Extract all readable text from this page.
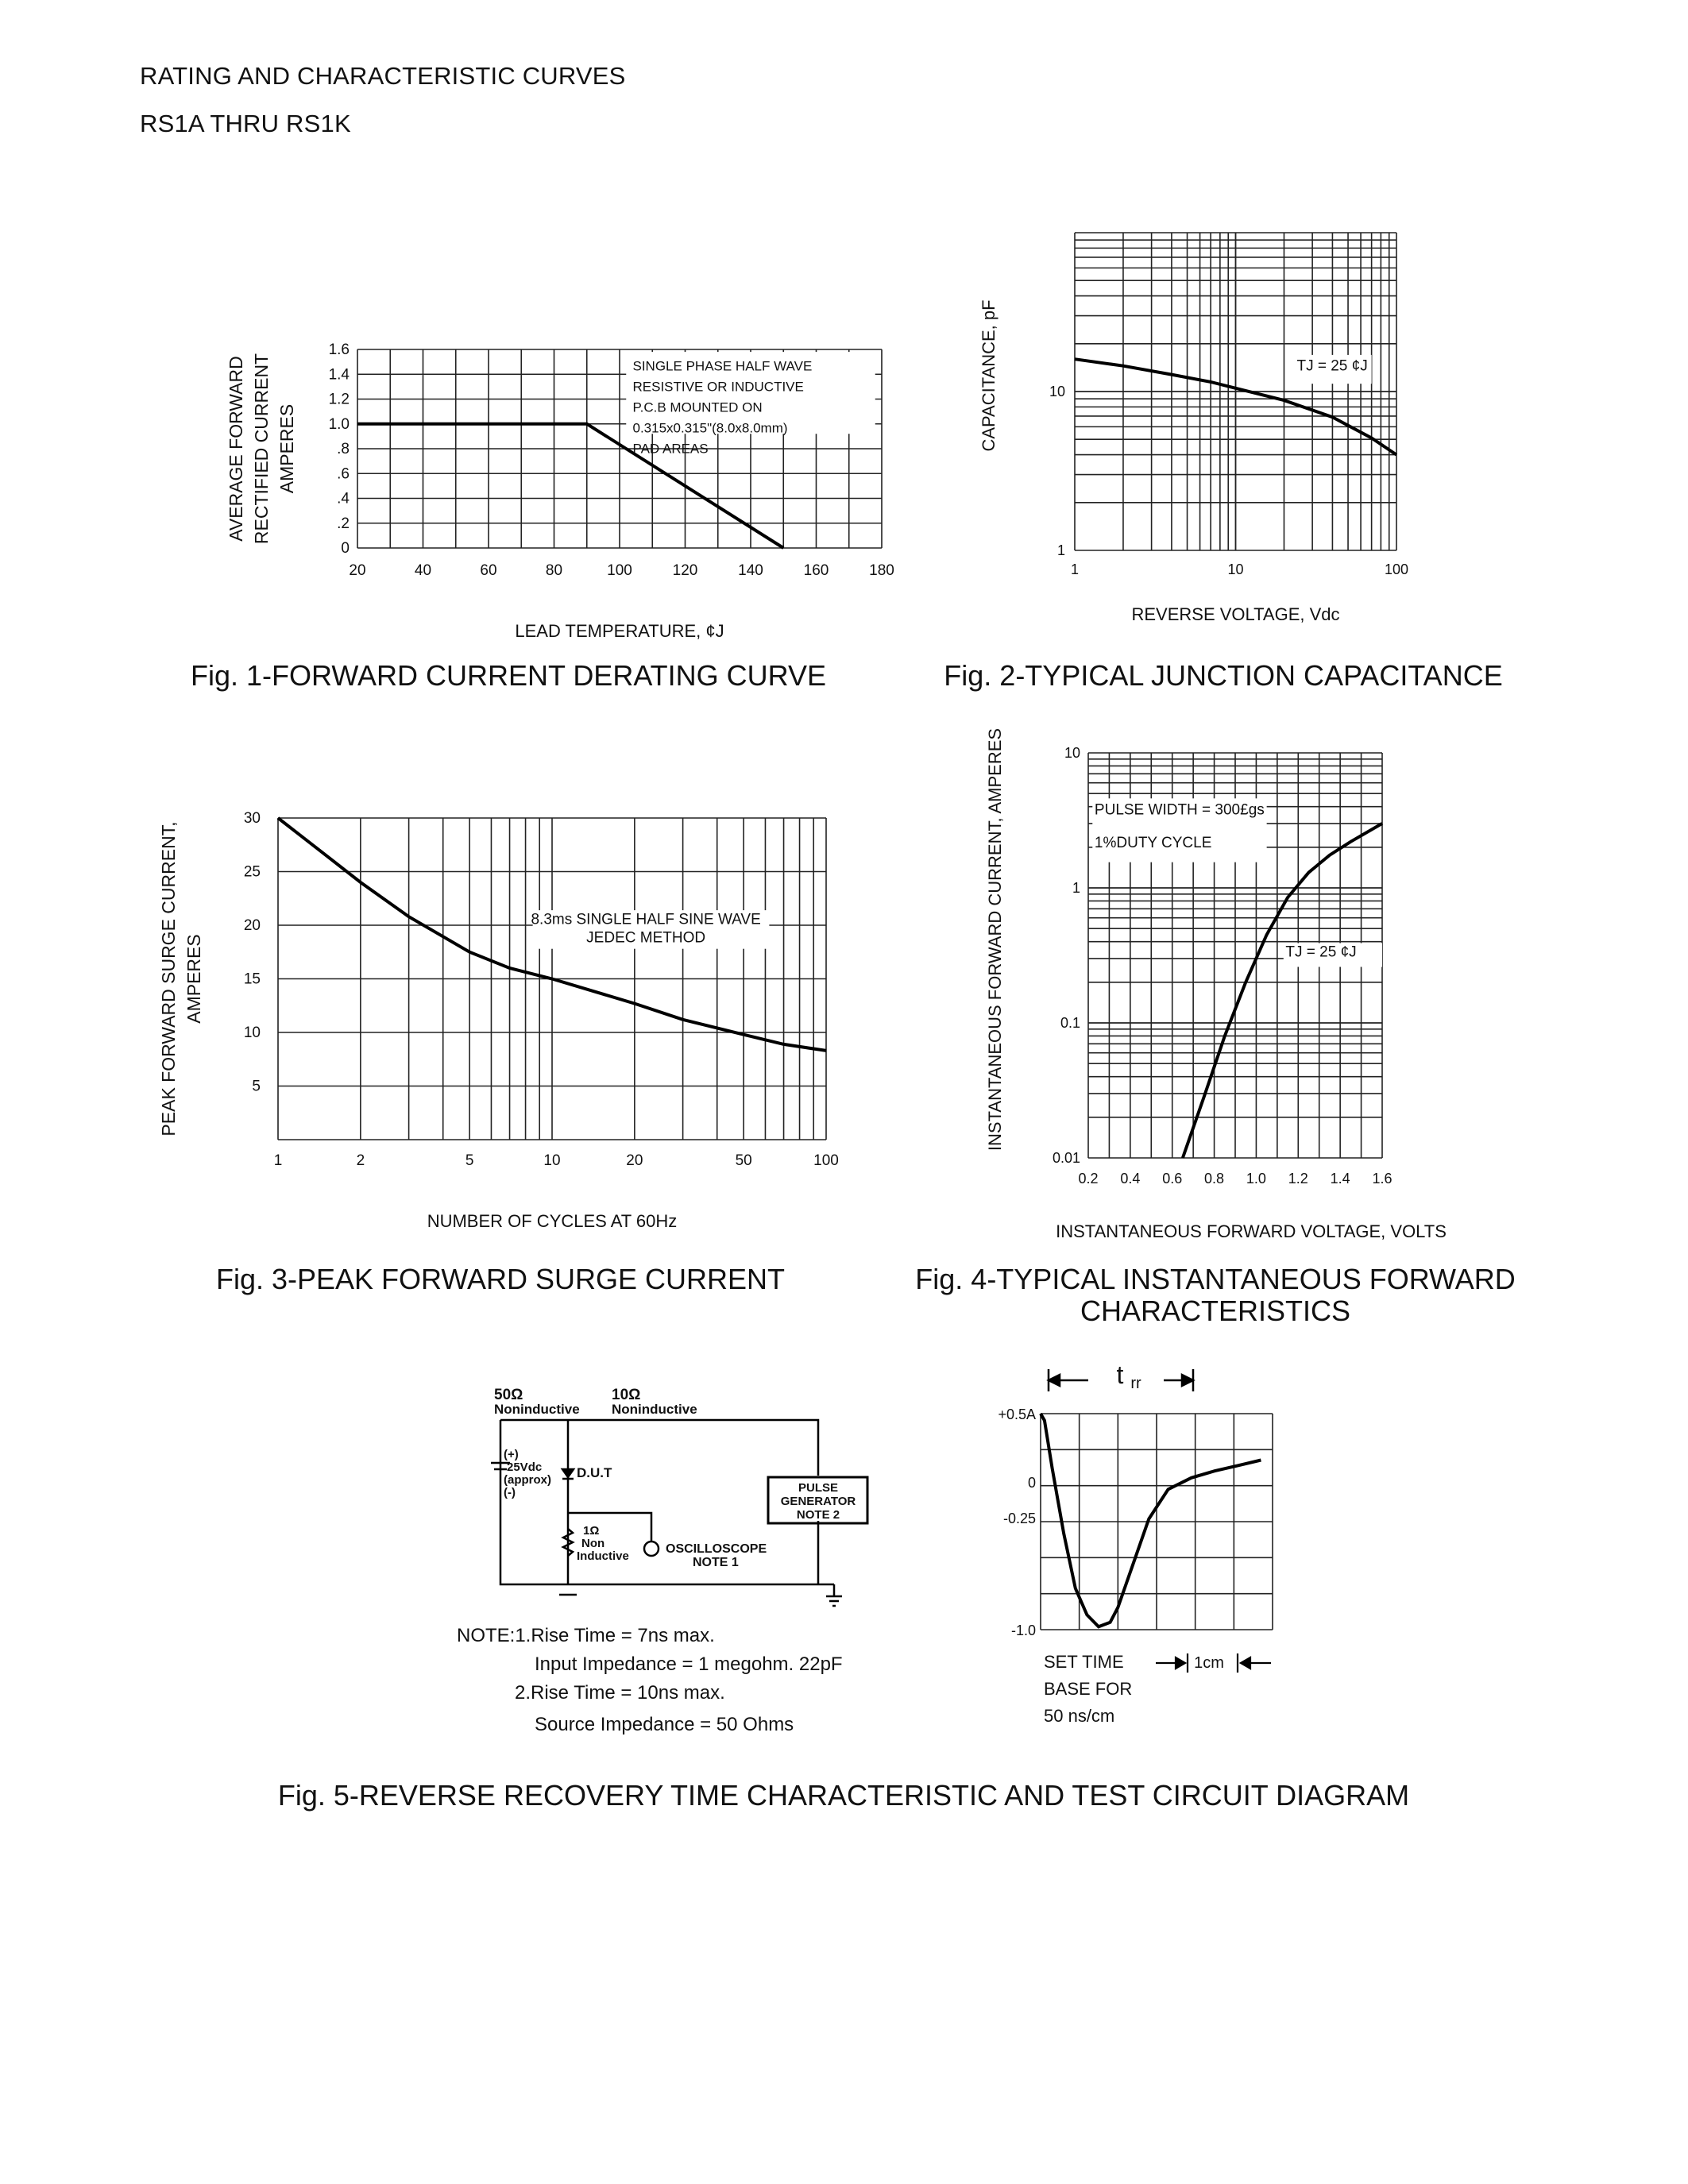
RATING AND CHARACTERISTIC CURVES
RS1A THRU RS1K
20	40	60	80	100	120	140	160	180
0
.2
.4
.6
.8
1.0
1.2
1.4
1.6
SINGLE PHASE HALF WAVE
RESISTIVE OR INDUCTIVE
P.C.B MOUNTED ON
0.315x0.315"(8.0x8.0mm)
PAD AREAS
LEAD TEMPERATURE, ¢J
AVERAGE FORWARD RECTIFIED CURRENT AMPERES
Fig. 1-FORWARD CURRENT DERATING CURVE
1	10	100
1
10
TJ = 25 ¢J
REVERSE VOLTAGE, Vdc
CAPACITANCE, pF
Fig. 2-TYPICAL JUNCTION CAPACITANCE
1	2	5	10	20	50	100
5
10
15
20
25
30
8.3ms SINGLE HALF SINE WAVE
JEDEC METHOD
NUMBER OF CYCLES AT 60Hz
PEAK FORWARD SURGE CURRENT, AMPERES
Fig. 3-PEAK FORWARD SURGE CURRENT
0.2 0.4 0.6 0.8 1.0 1.2 1.4 1.6
0.01
0.1
1
10
PULSE WIDTH = 300£gs
1%DUTY CYCLE
TJ = 25 ¢J
INSTANTANEOUS FORWARD VOLTAGE, VOLTS
INSTANTANEOUS FORWARD CURRENT, AMPERES
Fig. 4-TYPICAL INSTANTANEOUS FORWARD
CHARACTERISTICS
50Ω
Noninductive
10Ω
Noninductive
(+)
25Vdc
(approx)
(-)
D.U.T
1Ω
Non
Inductive
OSCILLOSCOPE
NOTE 1
PULSE
GENERATOR
NOTE 2
NOTE:1.Rise Time = 7ns max.
Input Impedance = 1 megohm. 22pF
2.Rise Time = 10ns max.
Source Impedance = 50 Ohms
+0.5A
0
-0.25
-1.0
t rr
SET TIME
BASE FOR
50 ns/cm
1cm
Fig. 5-REVERSE RECOVERY TIME CHARACTERISTIC AND TEST CIRCUIT DIAGRAM
